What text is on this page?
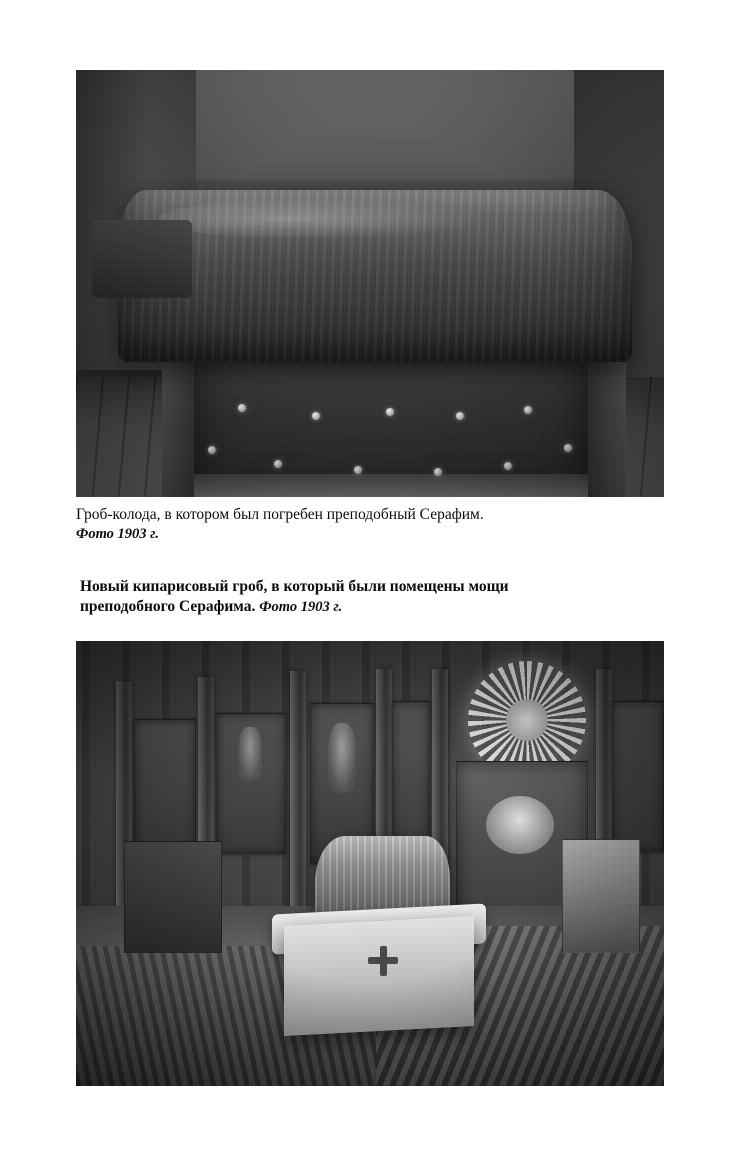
Гроб-колода, в котором был погребен преподобный Серафим.
Фото 1903 г.
Новый кипарисовый гроб, в который были помещены мощи
преподобного Серафима. Фото 1903 г.
